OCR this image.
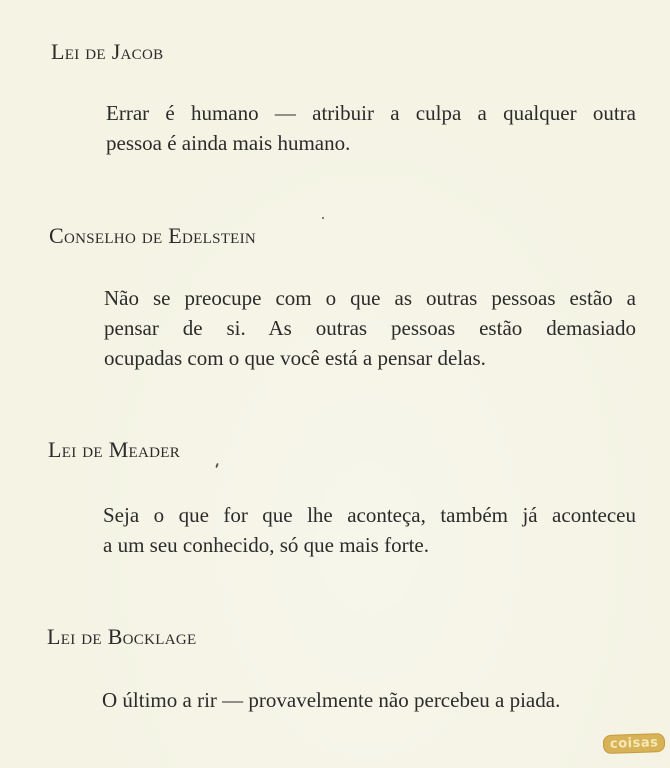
Lei de Jacob
Errar é humano — atribuir a culpa a qualquer outra
pessoa é ainda mais humano.
Conselho de Edelstein
Não se preocupe com o que as outras pessoas estão a
pensar de si. As outras pessoas estão demasiado
ocupadas com o que você está a pensar delas.
Lei de Meader
Seja o que for que lhe aconteça, também já aconteceu
a um seu conhecido, só que mais forte.
Lei de Bocklage
O último a rir — provavelmente não percebeu a piada.
coisas
